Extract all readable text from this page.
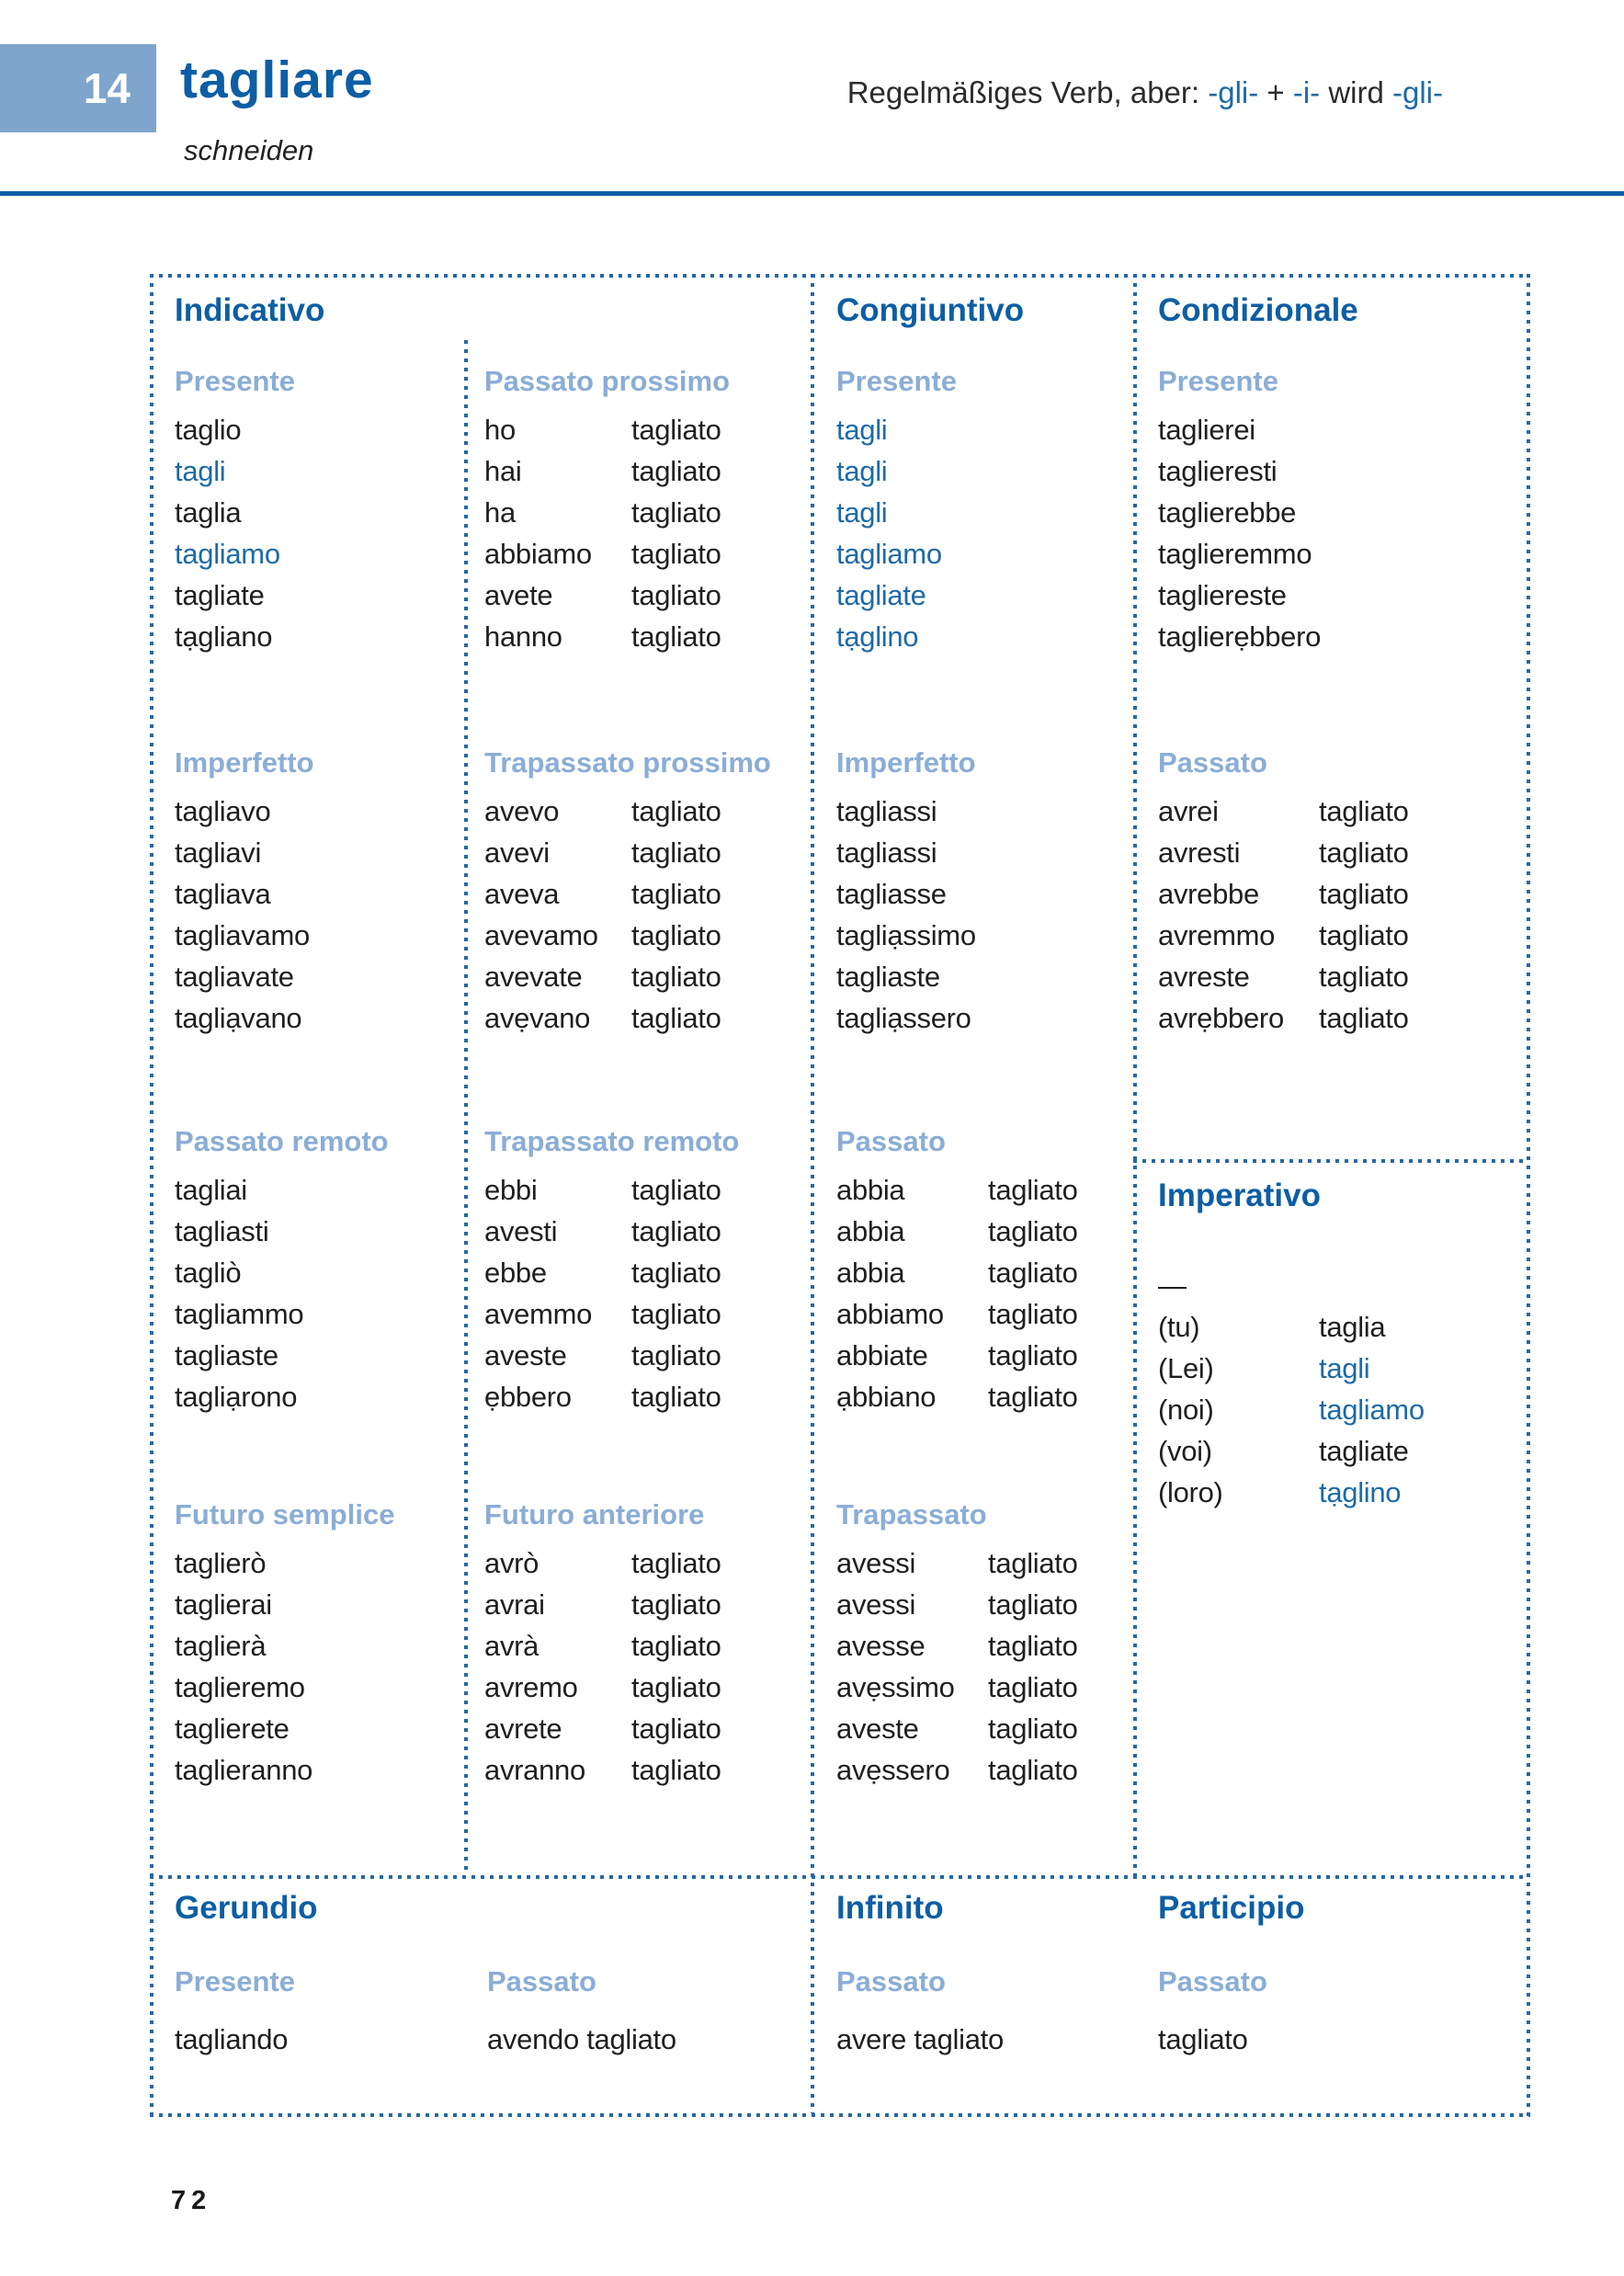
14 tagliare
schneiden
Regelmäßiges Verb, aber: -gli- + -i- wird -gli-
Indicativo	Congiuntivo	Condizionale
Imperativo
Gerundio	Infinito	Participio
Presente
taglio
tagli
taglia
tagliamo
tagliate
tạgliano
Imperfetto
tagliavo
tagliavi
tagliava
tagliavamo
tagliavate
tagliạvano
Passato remoto
tagliai
tagliasti
tagliò
tagliammo
tagliaste
tagliạrono
Futuro semplice
taglierò
taglierai
taglierà
taglieremo
taglierete
taglieranno
Passato prossimo
ho	tagliato
hai	tagliato
ha	tagliato
abbiamo tagliato
avete	tagliato
hanno tagliato
Trapassato prossimo
avevo	tagliato
avevi	tagliato
aveva	tagliato
avevamo tagliato
avevate tagliato
avẹvano tagliato
Trapassato remoto
ebbi	tagliato
avesti	tagliato
ebbe	tagliato
avemmo tagliato
aveste tagliato
ẹbbero tagliato
Futuro anteriore
avrò	tagliato
avrai	tagliato
avrà	tagliato
avremo tagliato
avrete tagliato
avranno tagliato
Presente
tagli
tagli
tagli
tagliamo
tagliate
tạglino
Imperfetto
tagliassi
tagliassi
tagliasse
tagliạssimo
tagliaste
tagliạssero
Passato
abbia	tagliato
abbia	tagliato
abbia	tagliato
abbiamo tagliato
abbiate tagliato
ạbbiano tagliato
Trapassato
avessi	tagliato
avessi	tagliato
avesse tagliato
avẹssimo tagliato
aveste tagliato
avẹssero tagliato
Presente
taglierei
taglieresti
taglierebbe
taglieremmo
tagliereste
taglierẹbbero
Passato
avrei	tagliato
avresti	tagliato
avrebbe tagliato
avremmo tagliato
avreste tagliato
avrẹbbero tagliato
—
(tu)	taglia
(Lei)	tagli
(noi)	tagliamo
(voi)	tagliate
(loro)	tạglino
Presente
tagliando
Passato
avendo tagliato
Passato
avere tagliato
Passato
tagliato
72
